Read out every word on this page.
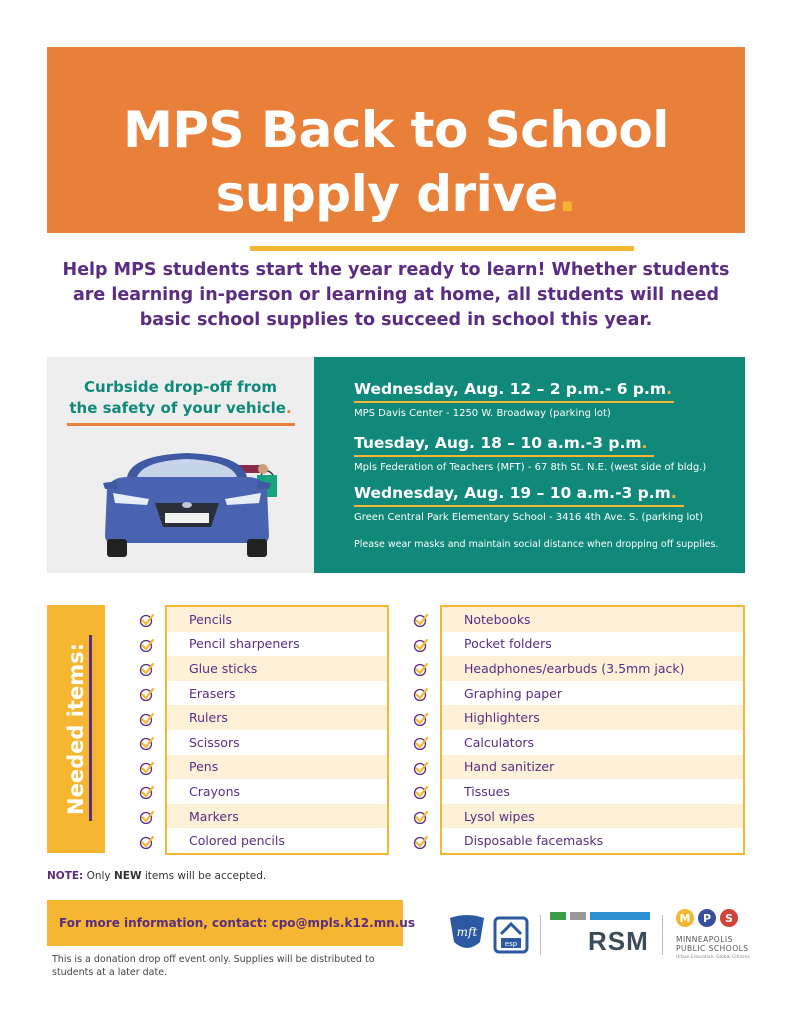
MPS Back to School
supply drive.

Help MPS students start the year ready to learn! Whether students are learning in-person or learning at home, all students will need basic school supplies to succeed in school this year.

Curbside drop-off from
the safety of your vehicle.
Wednesday, Aug. 12 – 2 p.m.- 6 p.m.
MPS Davis Center - 1250 W. Broadway (parking lot)
Tuesday, Aug. 18 – 10 a.m.-3 p.m.
Mpls Federation of Teachers (MFT) - 67 8th St. N.E. (west side of bldg.)
Wednesday, Aug. 19 – 10 a.m.-3 p.m.
Green Central Park Elementary School - 3416 4th Ave. S. (parking lot)
Please wear masks and maintain social distance when dropping off supplies.
Needed items:
Pencils
Pencil sharpeners
Glue sticks
Erasers
Rulers
Scissors
Pens
Crayons
Markers
Colored pencils
Notebooks
Pocket folders
Headphones/earbuds (3.5mm jack)
Graphing paper
Highlighters
Calculators
Hand sanitizer
Tissues
Lysol wipes
Disposable facemasks
NOTE: Only NEW items will be accepted.
For more information, contact: cpo@mpls.k12.mn.us
This is a donation drop off event only. Supplies will be distributed to students at a later date.
mft
esp	RSM
M	P	S
MINNEAPOLIS
PUBLIC SCHOOLS
Urban Education. Global Citizens.
